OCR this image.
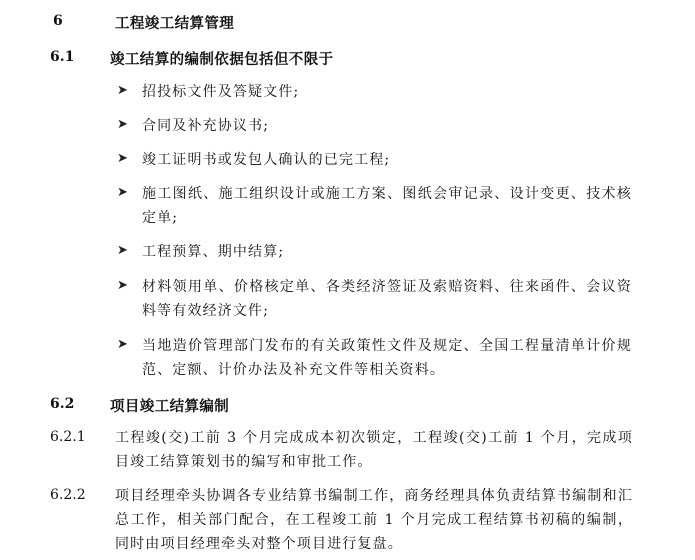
6	工程竣工结算管理
6.1 竣工结算的编制依据包括但不限于
➤ 招投标文件及答疑文件;
➤ 合同及补充协议书;
➤ 竣工证明书或发包人确认的已完工程;
➤ 施工图纸、施工组织设计或施工方案、图纸会审记录、设计变更、技术核定单;
➤ 工程预算、期中结算;
➤ 材料领用单、价格核定单、各类经济签证及索赔资料、往来函件、会议资料等有效经济文件;
➤ 当地造价管理部门发布的有关政策性文件及规定、全国工程量清单计价规范、定额、计价办法及补充文件等相关资料。
6.2 项目竣工结算编制
6.2.1 工程竣(交)工前 3 个月完成成本初次锁定，工程竣(交)工前 1 个月，完成项目竣工结算策划书的编写和审批工作。
6.2.2 项目经理牵头协调各专业结算书编制工作，商务经理具体负责结算书编制和汇总工作，相关部门配合，在工程竣工前 1 个月完成工程结算书初稿的编制，同时由项目经理牵头对整个项目进行复盘。
